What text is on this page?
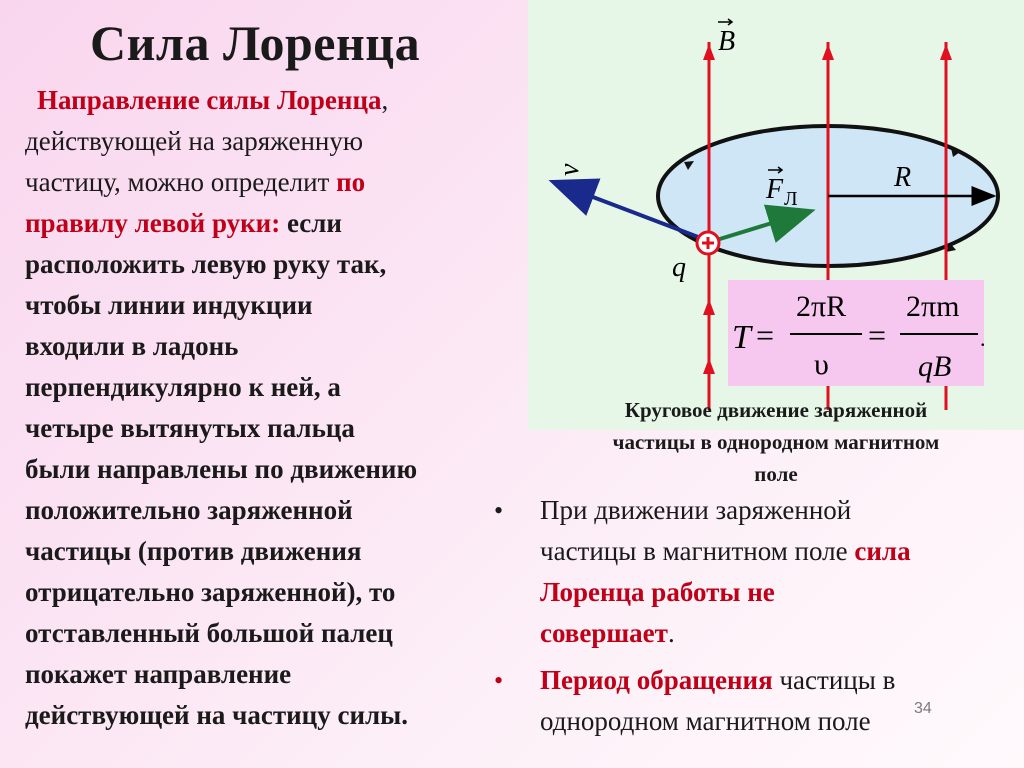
Сила Лоренца
Направление силы Лоренца,
действующей на заряженную
частицу, можно определит по
правилу левой руки: если
расположить левую руку так,
чтобы линии индукции
входили в ладонь
перпендикулярно к ней, а
четыре вытянутых пальца
были направлены по движению
положительно заряженной
частицы (против движения
отрицательно заряженной), то
отставленный большой палец
покажет направление
действующей на частицу силы.
B
v
F Л
R
q
T =
2πR
υ
=
2πm
qB
.
Круговое движение заряженной
частицы в однородном магнитном
поле
•	При движении заряженной
частицы в магнитном поле сила
Лоренца работы не
совершает.
•	Период обращения частицы в
однородном магнитном поле	34
